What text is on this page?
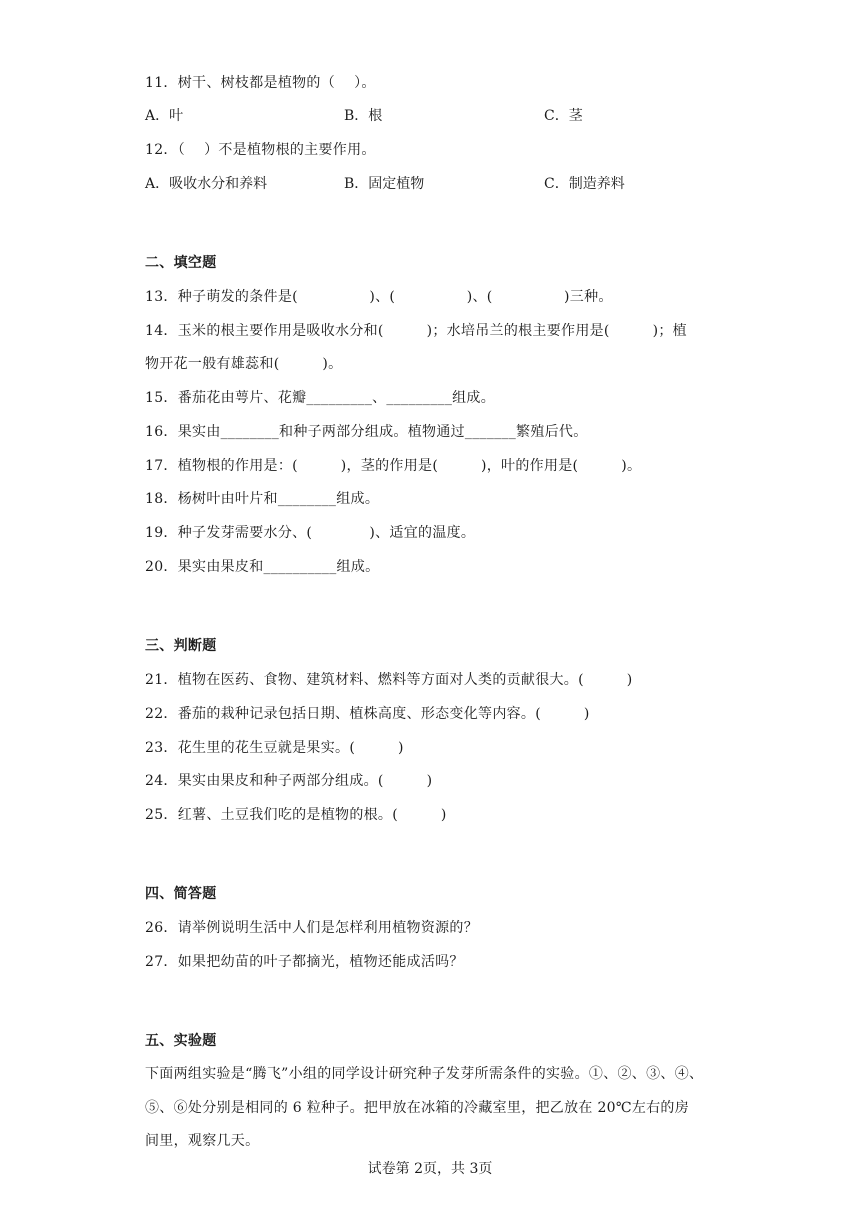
11．树干、树枝都是植物的（　 ）。
A．叶	B．根	C．茎
12．（　 ）不是植物根的主要作用。
A．吸收水分和养料	B．固定植物	C．制造养料
二、填空题
13．种子萌发的条件是(　　　　　)、(　　　　　)、(　　　　　)三种。
14．玉米的根主要作用是吸收水分和(　　　)；水培吊兰的根主要作用是(　　　)；植
物开花一般有雄蕊和(　　　)。
15．番茄花由萼片、花瓣_________、_________组成。
16．果实由________和种子两部分组成。植物通过_______繁殖后代。
17．植物根的作用是：(　　　)，茎的作用是(　　　)，叶的作用是(　　　)。
18．杨树叶由叶片和________组成。
19．种子发芽需要水分、(　　　　)、适宜的温度。
20．果实由果皮和__________组成。
三、判断题
21．植物在医药、食物、建筑材料、燃料等方面对人类的贡献很大。(　　　)
22．番茄的栽种记录包括日期、植株高度、形态变化等内容。(　　　)
23．花生里的花生豆就是果实。(　　　)
24．果实由果皮和种子两部分组成。(　　　)
25．红薯、土豆我们吃的是植物的根。(　　　)
四、简答题
26．请举例说明生活中人们是怎样利用植物资源的？
27．如果把幼苗的叶子都摘光，植物还能成活吗？
五、实验题
下面两组实验是“腾飞”小组的同学设计研究种子发芽所需条件的实验。①、②、③、④、
⑤、⑥处分别是相同的 6 粒种子。把甲放在冰箱的冷藏室里，把乙放在 20℃左右的房
间里，观察几天。
试卷第 2页，共 3页
